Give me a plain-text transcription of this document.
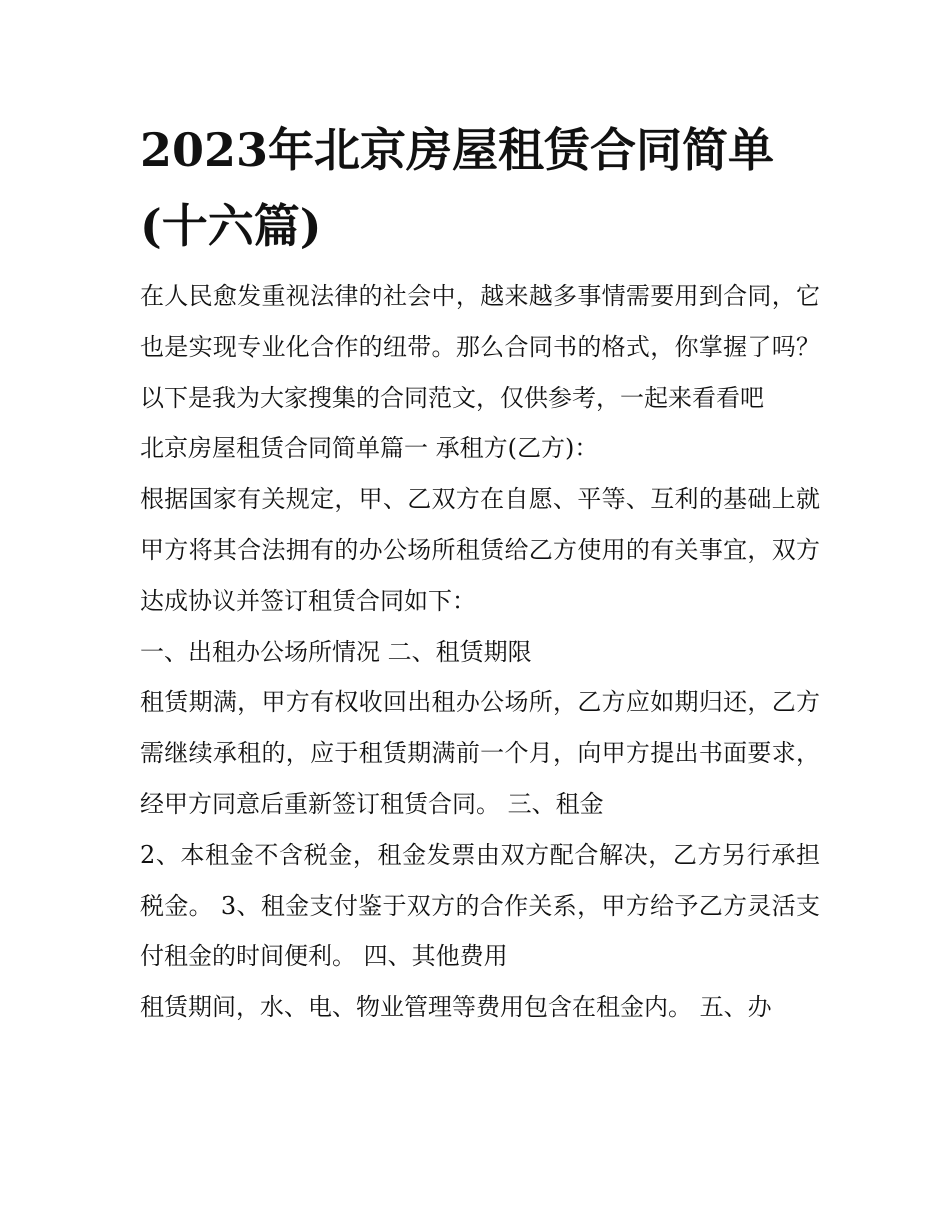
2023年北京房屋租赁合同简单(十六篇)

在人民愈发重视法律的社会中，越来越多事情需要用到合同，它也是实现专业化合作的纽带。那么合同书的格式，你掌握了吗？以下是我为大家搜集的合同范文，仅供参考，一起来看看吧

北京房屋租赁合同简单篇一 承租方(乙方)：

根据国家有关规定，甲、乙双方在自愿、平等、互利的基础上就甲方将其合法拥有的办公场所租赁给乙方使用的有关事宜，双方达成协议并签订租赁合同如下：

一、出租办公场所情况 二、租赁期限

租赁期满，甲方有权收回出租办公场所，乙方应如期归还，乙方需继续承租的，应于租赁期满前一个月，向甲方提出书面要求，经甲方同意后重新签订租赁合同。 三、租金

2、本租金不含税金，租金发票由双方配合解决，乙方另行承担税金。 3、租金支付鉴于双方的合作关系，甲方给予乙方灵活支付租金的时间便利。 四、其他费用

租赁期间，水、电、物业管理等费用包含在租金内。 五、办
